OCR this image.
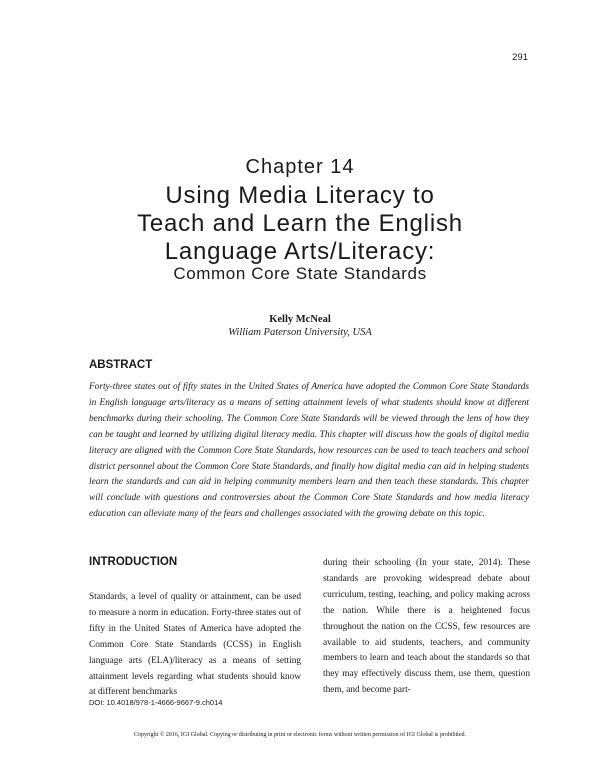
291
Chapter 14
Using Media Literacy to
Teach and Learn the English
Language Arts/Literacy:
Common Core State Standards
Kelly McNeal
William Paterson University, USA
ABSTRACT

Forty-three states out of fifty states in the United States of America have adopted the Common Core State Standards in English language arts/literacy as a means of setting attainment levels of what students should know at different benchmarks during their schooling. The Common Core State Standards will be viewed through the lens of how they can be taught and learned by utilizing digital literacy media. This chapter will discuss how the goals of digital media literacy are aligned with the Common Core State Standards, how resources can be used to teach teachers and school district personnel about the Common Core State Standards, and finally how digital media can aid in helping students learn the standards and can aid in helping community members learn and then teach these standards. This chapter will conclude with questions and controversies about the Common Core State Standards and how media literacy education can alleviate many of the fears and challenges associated with the growing debate on this topic.

INTRODUCTION

Standards, a level of quality or attainment, can be used to measure a norm in education. Forty-three states out of fifty in the United States of America have adopted the Common Core State Standards (CCSS) in English language arts (ELA)/literacy as a means of setting attainment levels regarding what students should know at different benchmarks

during their schooling (In your state, 2014). These standards are provoking widespread debate about curriculum, testing, teaching, and policy making across the nation. While there is a heightened focus throughout the nation on the CCSS, few resources are available to aid students, teachers, and community members to learn and teach about the standards so that they may effectively discuss them, use them, question them, and become part-

DOI: 10.4018/978-1-4666-9667-9.ch014
Copyright © 2016, IGI Global. Copying or distributing in print or electronic forms without written permission of IGI Global is prohibited.
